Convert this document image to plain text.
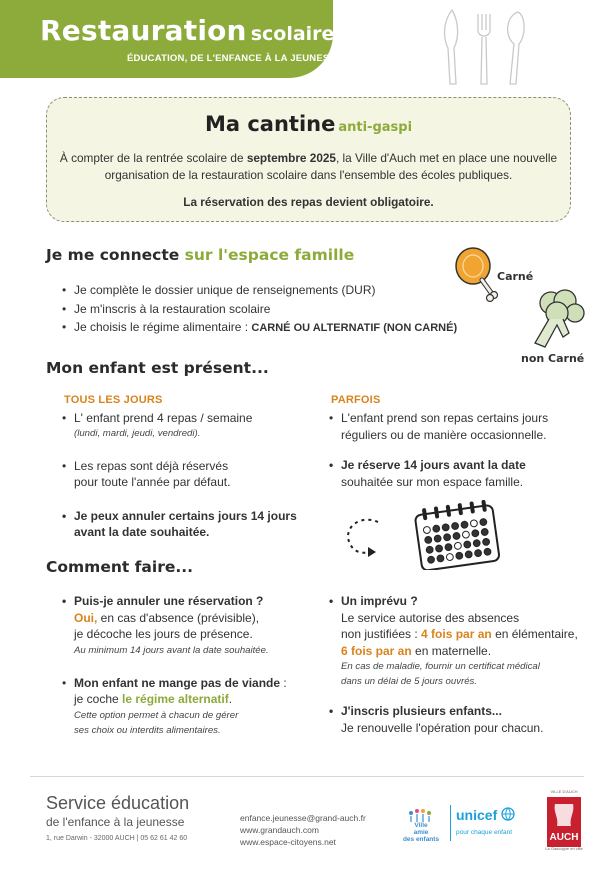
Restauration scolaire
ÉDUCATION, DE L'ENFANCE À LA JEUNESSE
Ma cantine anti-gaspi
À compter de la rentrée scolaire de septembre 2025, la Ville d'Auch met en place une nouvelle organisation de la restauration scolaire dans l'ensemble des écoles publiques.
La réservation des repas devient obligatoire.
Je me connecte sur l'espace famille
• Je complète le dossier unique de renseignements (DUR)
• Je m'inscris à la restauration scolaire
• Je choisis le régime alimentaire : CARNÉ OU ALTERNATIF (NON CARNÉ)
Carné
non Carné
Mon enfant est présent...
TOUS LES JOURS
• L' enfant prend 4 repas / semaine
(lundi, mardi, jeudi, vendredi).
• Les repas sont déjà réservés
pour toute l'année par défaut.
• Je peux annuler certains jours 14 jours
avant la date souhaitée.
PARFOIS
• L'enfant prend son repas certains jours
réguliers ou de manière occasionnelle.
• Je réserve 14 jours avant la date
souhaitée sur mon espace famille.
Comment faire...
• Puis-je annuler une réservation ?
Oui, en cas d'absence (prévisible),
je décoche les jours de présence.
Au minimum 14 jours avant la date souhaitée.
• Mon enfant ne mange pas de viande :
je coche le régime alternatif.
Cette option permet à chacun de gérer
ses choix ou interdits alimentaires.
• Un imprévu ?
Le service autorise des absences
non justifiées : 4 fois par an en élémentaire,
6 fois par an en maternelle.
En cas de maladie, fournir un certificat médical
dans un délai de 5 jours ouvrés.
• J'inscris plusieurs enfants...
Je renouvelle l'opération pour chacun.
Service éducation
de l'enfance à la jeunesse
1, rue Darwin - 32000 AUCH | 05 62 61 42 60
enfance.jeunesse@grand-auch.fr
www.grandauch.com
www.espace-citoyens.net
Ville
amie
des enfants
unicef
pour chaque enfant
VILLE D'AUCH
AUCH
La Gascogne en ville
